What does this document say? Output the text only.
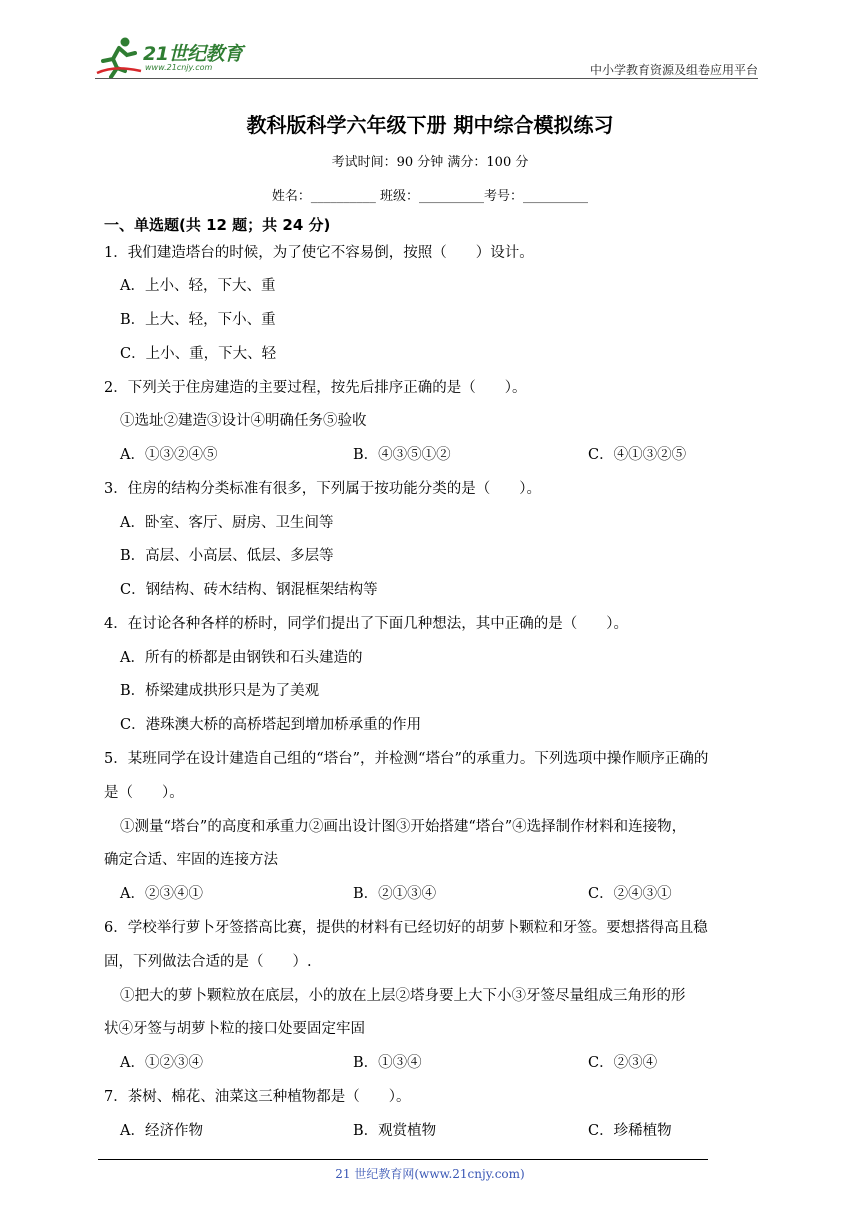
21世纪教育
www.21cnjy.com	中小学教育资源及组卷应用平台
教科版科学六年级下册 期中综合模拟练习
考试时间：90 分钟 满分：100 分
姓名：__________ 班级：__________考号：__________
一、单选题(共 12 题；共 24 分)
1．我们建造塔台的时候，为了使它不容易倒，按照（　　）设计。
A．上小、轻，下大、重
B．上大、轻，下小、重
C．上小、重，下大、轻
2．下列关于住房建造的主要过程，按先后排序正确的是（　　）。
①选址②建造③设计④明确任务⑤验收
A．①③②④⑤	B．④③⑤①②	C．④①③②⑤
3．住房的结构分类标准有很多，下列属于按功能分类的是（　　）。
A．卧室、客厅、厨房、卫生间等
B．高层、小高层、低层、多层等
C．钢结构、砖木结构、钢混框架结构等
4．在讨论各种各样的桥时，同学们提出了下面几种想法，其中正确的是（　　）。
A．所有的桥都是由钢铁和石头建造的
B．桥梁建成拱形只是为了美观
C．港珠澳大桥的高桥塔起到增加桥承重的作用
5．某班同学在设计建造自己组的“塔台”，并检测“塔台”的承重力。下列选项中操作顺序正确的
是（　　）。
①测量“塔台”的高度和承重力②画出设计图③开始搭建“塔台”④选择制作材料和连接物，
确定合适、牢固的连接方法
A．②③④①	B．②①③④	C．②④③①
6．学校举行萝卜牙签搭高比赛，提供的材料有已经切好的胡萝卜颗粒和牙签。要想搭得高且稳
固，下列做法合适的是（　　）.
①把大的萝卜颗粒放在底层，小的放在上层②塔身要上大下小③牙签尽量组成三角形的形
状④牙签与胡萝卜粒的接口处要固定牢固
A．①②③④	B．①③④	C．②③④
7．茶树、棉花、油菜这三种植物都是（　　）。
A．经济作物	B．观赏植物	C．珍稀植物
21 世纪教育网(www.21cnjy.com)
